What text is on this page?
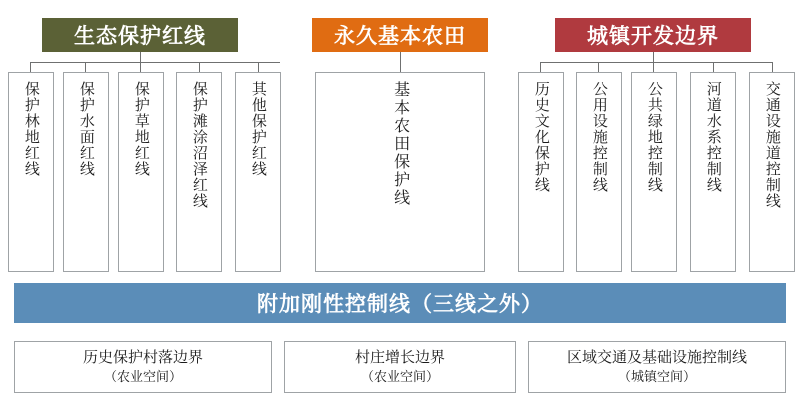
生态保护红线	永久基本农田	城镇开发边界
保护林地红线	保护水面红线	保护草地红线	保护滩涂沼泽红线	其他保护红线	基本农田保护线	历史文化保护线	公用设施控制线	公共绿地控制线	河道水系控制线	交通设施道控制线
附加刚性控制线（三线之外）
历史保护村落边界
（农业空间）
村庄增长边界
（农业空间）
区域交通及基础设施控制线
（城镇空间）
